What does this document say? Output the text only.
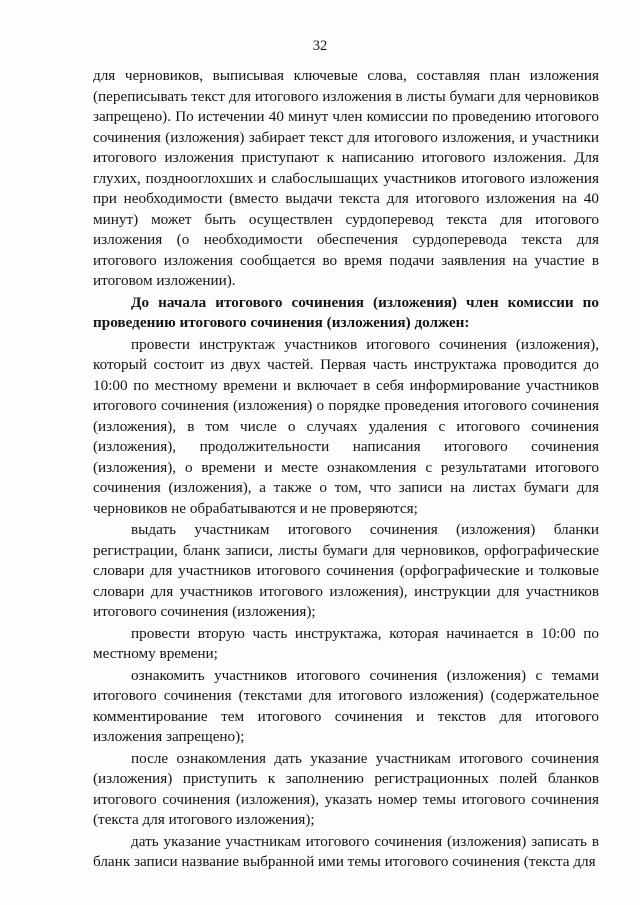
32

для черновиков, выписывая ключевые слова, составляя план изложения (переписывать текст для итогового изложения в листы бумаги для черновиков запрещено). По истечении 40 минут член комиссии по проведению итогового сочинения (изложения) забирает текст для итогового изложения, и участники итогового изложения приступают к написанию итогового изложения. Для глухих, позднооглохших и слабослышащих участников итогового изложения при необходимости (вместо выдачи текста для итогового изложения на 40 минут) может быть осуществлен сурдоперевод текста для итогового изложения (о необходимости обеспечения сурдоперевода текста для итогового изложения сообщается во время подачи заявления на участие в итоговом изложении).

До начала итогового сочинения (изложения) член комиссии по проведению итогового сочинения (изложения) должен:

провести инструктаж участников итогового сочинения (изложения), который состоит из двух частей. Первая часть инструктажа проводится до 10:00 по местному времени и включает в себя информирование участников итогового сочинения (изложения) о порядке проведения итогового сочинения (изложения), в том числе о случаях удаления с итогового сочинения (изложения), продолжительности написания итогового сочинения (изложения), о времени и месте ознакомления с результатами итогового сочинения (изложения), а также о том, что записи на листах бумаги для черновиков не обрабатываются и не проверяются;

выдать участникам итогового сочинения (изложения) бланки регистрации, бланк записи, листы бумаги для черновиков, орфографические словари для участников итогового сочинения (орфографические и толковые словари для участников итогового изложения), инструкции для участников итогового сочинения (изложения);

провести вторую часть инструктажа, которая начинается в 10:00 по местному времени;

ознакомить участников итогового сочинения (изложения) с темами итогового сочинения (текстами для итогового изложения) (содержательное комментирование тем итогового сочинения и текстов для итогового изложения запрещено);

после ознакомления дать указание участникам итогового сочинения (изложения) приступить к заполнению регистрационных полей бланков итогового сочинения (изложения), указать номер темы итогового сочинения (текста для итогового изложения);

дать указание участникам итогового сочинения (изложения) записать в бланк записи название выбранной ими темы итогового сочинения (текста для
